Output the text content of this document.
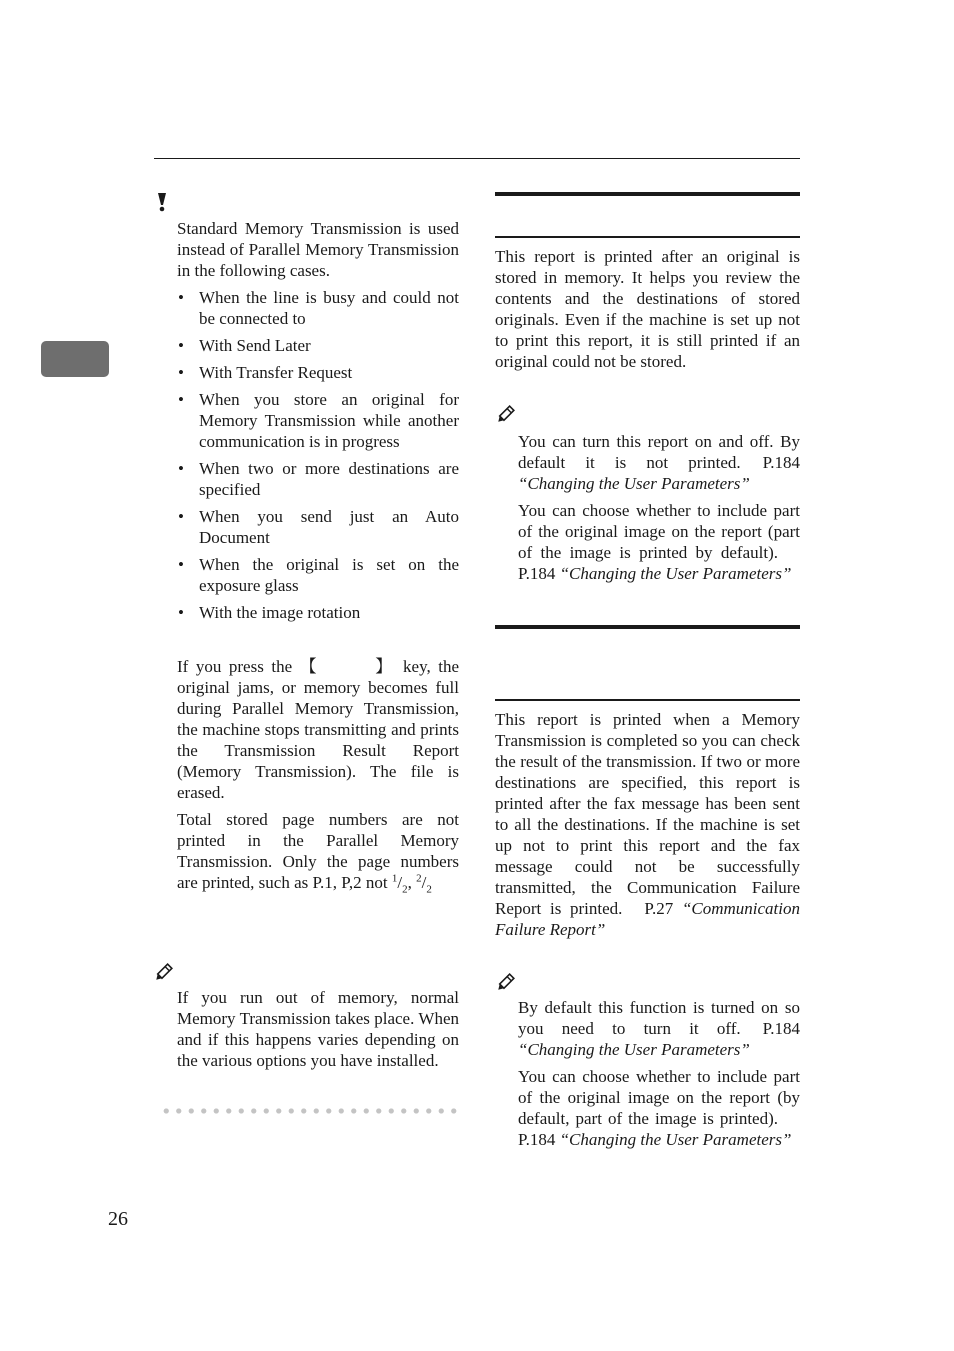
Standard Memory Transmission is used instead of Parallel Memory Transmission in the following cases.

• When the line is busy and could not be connected to
• With Send Later
• With Transfer Request
• When you store an original for Memory Transmission while another communication is in progress
• When two or more destinations are specified
• When you send just an Auto Document
• When the original is set on the exposure glass
• With the image rotation

If you press the 【	】 key, the original jams, or memory becomes full during Parallel Memory Transmission, the machine stops transmitting and prints the Transmission Result Report (Memory Transmission). The file is erased.

Total stored page numbers are not printed in the Parallel Memory Transmission. Only the page numbers are printed, such as P.1, P,2 not $^1/_2$, $^2/_2$

If you run out of memory, normal Memory Transmission takes place. When and if this happens varies depending on the various options you have installed.

This report is printed after an original is stored in memory. It helps you review the contents and the destinations of stored originals. Even if the machine is set up not to print this report, it is still printed if an original could not be stored.

You can turn this report on and off. By default it is not printed. P.184 “Changing the User Parameters”

You can choose whether to include part of the original image on the report (part of the image is printed by default).P.184 “Changing the User Parameters”

This report is printed when a Memory Transmission is completed so you can check the result of the transmission. If two or more destinations are specified, this report is printed after the fax message has been sent to all the destinations. If the machine is set up not to print this report and the fax message could not be successfully transmitted, the Communication Failure Report is printed. P.27 “Communication Failure Report”

By default this function is turned on so you need to turn it off. P.184 “Changing the User Parameters”

You can choose whether to include part of the original image on the report (by default, part of the image is printed).P.184 “Changing the User Parameters”

26
